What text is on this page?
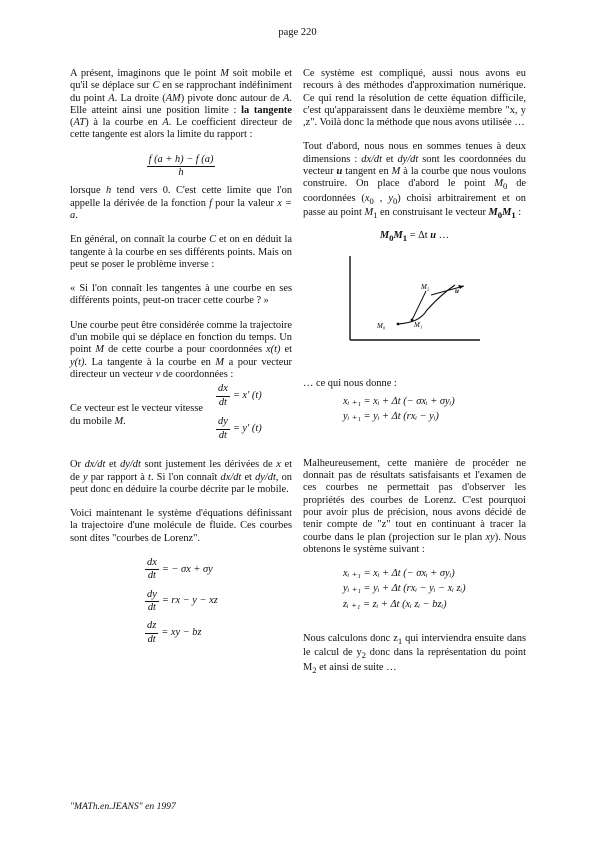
page 220

A présent, imaginons que le point M soit mobile et qu'il se déplace sur C en se rapprochant indéfiniment du point A. La droite (AM) pivote donc autour de A. Elle atteint ainsi une position limite : la tangente (AT) à la courbe en A. Le coefficient directeur de cette tangente est alors la limite du rapport :

$\frac{f (a + h) - f (a)}{h}$

lorsque h tend vers 0. C'est cette limite que l'on appelle la dérivée de la fonction f pour la valeur x = a.

En général, on connaît la courbe C et on en déduit la tangente à la courbe en ses différents points. Mais on peut se poser le problème inverse :

« Si l'on connaît les tangentes à une courbe en ses différents points, peut-on tracer cette courbe ? »

Une courbe peut être considérée comme la trajectoire d'un mobile qui se déplace en fonction du temps. Un point M de cette courbe a pour coordonnées x(t) et y(t). La tangente à la courbe en M a pour vecteur directeur un vecteur v de coordonnées :

$\frac{dx}{dt} = x'$ (t)
Ce vecteur est le vecteur vitesse du mobile M.	$\frac{dy}{dt} = y'$ (t)

Or dx/dt et dy/dt sont justement les dérivées de x et de y par rapport à t. Si l'on connaît dx/dt et dy/dt, on peut donc en déduire la courbe décrite par le mobile.

Voici maintenant le système d'équations définissant la trajectoire d'une molécule de fluide. Ces courbes sont dites "courbes de Lorenz".

$\frac{dx}{dt}$ = − σx + σy
$\frac{dy}{dt}$ = rx − y − xz
$\frac{dz}{dt}$ = xy − bz

Ce système est compliqué, aussi nous avons eu recours à des méthodes d'approximation numérique. Ce qui rend la résolution de cette équation difficile, c'est qu'apparaissent dans le deuxième membre "x, y ,z". Voilà donc la méthode que nous avons utilisée …

Tout d'abord, nous nous en sommes tenues à deux dimensions : dx/dt et dy/dt sont les coordonnées du vecteur u tangent en M à la courbe que nous voulons construire. On place d'abord le point $M_0$ de coordonnées ($x_0$ , $y_0$) choisi arbitrairement et on passe au point $M_1$ en construisant le vecteur $M_0M_1$ :

$M_0M_1 = \Delta t$ u …
M₀	M₁
M₂	u

… ce qui nous donne :

xᵢ ₊₁ = xᵢ + Δt (− σxᵢ + σyᵢ)
yᵢ ₊₁ = yᵢ + Δt (rxᵢ − yᵢ)

Malheureusement, cette manière de procéder ne donnait pas de résultats satisfaisants et l'examen de ces courbes ne permettait pas d'observer les propriétés des courbes de Lorenz. C'est pourquoi pour avoir plus de précision, nous avons décidé de tenir compte de "z" tout en continuant à tracer la courbe dans le plan (projection sur le plan xy). Nous obtenons le système suivant :

xᵢ ₊₁ = xᵢ + Δt (− σxᵢ + σyᵢ)
yᵢ ₊₁ = yᵢ + Δt (rxᵢ − yᵢ − xᵢ zᵢ)
zᵢ ₊₁ = zᵢ + Δt (xᵢ zᵢ − bzᵢ)

Nous calculons donc $z_1$ qui interviendra ensuite dans le calcul de $y_2$ donc dans la représentation du point $M_2$ et ainsi de suite …

"MATh.en.JEANS" en 1997
